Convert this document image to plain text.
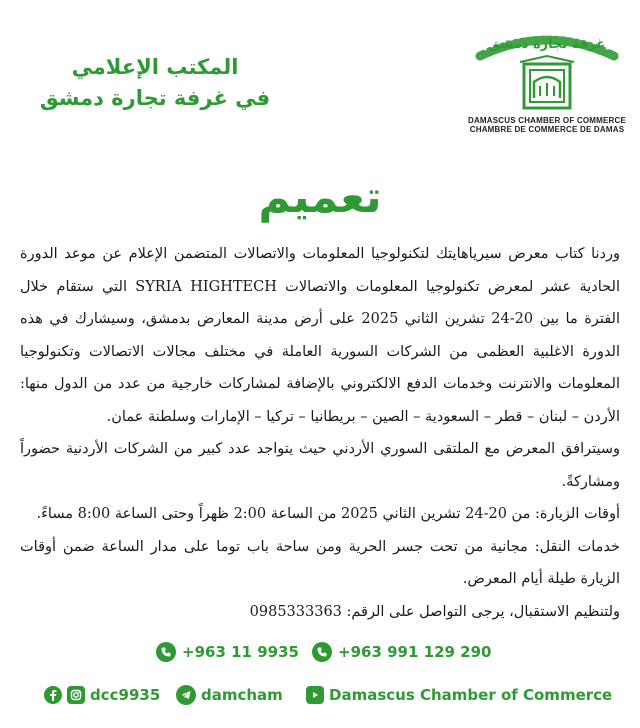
المكتب الإعلامي
في غرفة تجارة دمشق
غرفة تجارة دمشق
DAMASCUS CHAMBER OF COMMERCE
CHAMBRE DE COMMERCE DE DAMAS
تعميم

وردنا كتاب معرض سيرياهايتك لتكنولوجيا المعلومات والاتصالات المتضمن الإعلام عن موعد الدورة الحادية عشر لمعرض تكنولوجيا المعلومات والاتصالات SYRIA HIGHTECH التي ستقام خلال الفترة ما بين 20-24 تشرين الثاني 2025 على أرض مدينة المعارض بدمشق، وسيشارك في هذه الدورة الاغلبية العظمى من الشركات السورية العاملة في مختلف مجالات الاتصالات وتكنولوجيا المعلومات والانترنت وخدمات الدفع الالكتروني بالإضافة لمشاركات خارجية من عدد من الدول منها: الأردن – لبنان – قطر – السعودية – الصين – بريطانيا – تركيا – الإمارات وسلطنة عمان.

وسيترافق المعرض مع الملتقى السوري الأردني حيث يتواجد عدد كبير من الشركات الأردنية حضوراً ومشاركةً.

أوقات الزيارة: من 20-24 تشرين الثاني 2025 من الساعة 2:00 ظهراً وحتى الساعة 8:00 مساءً.

خدمات النقل: مجانية من تحت جسر الحرية ومن ساحة باب توما على مدار الساعة ضمن أوقات الزيارة طيلة أيام المعرض.

ولتنظيم الاستقبال، يرجى التواصل على الرقم: 0985333363

+963 11 9935	+963 991 129 290
dcc9935	damcham	Damascus Chamber of Commerce
